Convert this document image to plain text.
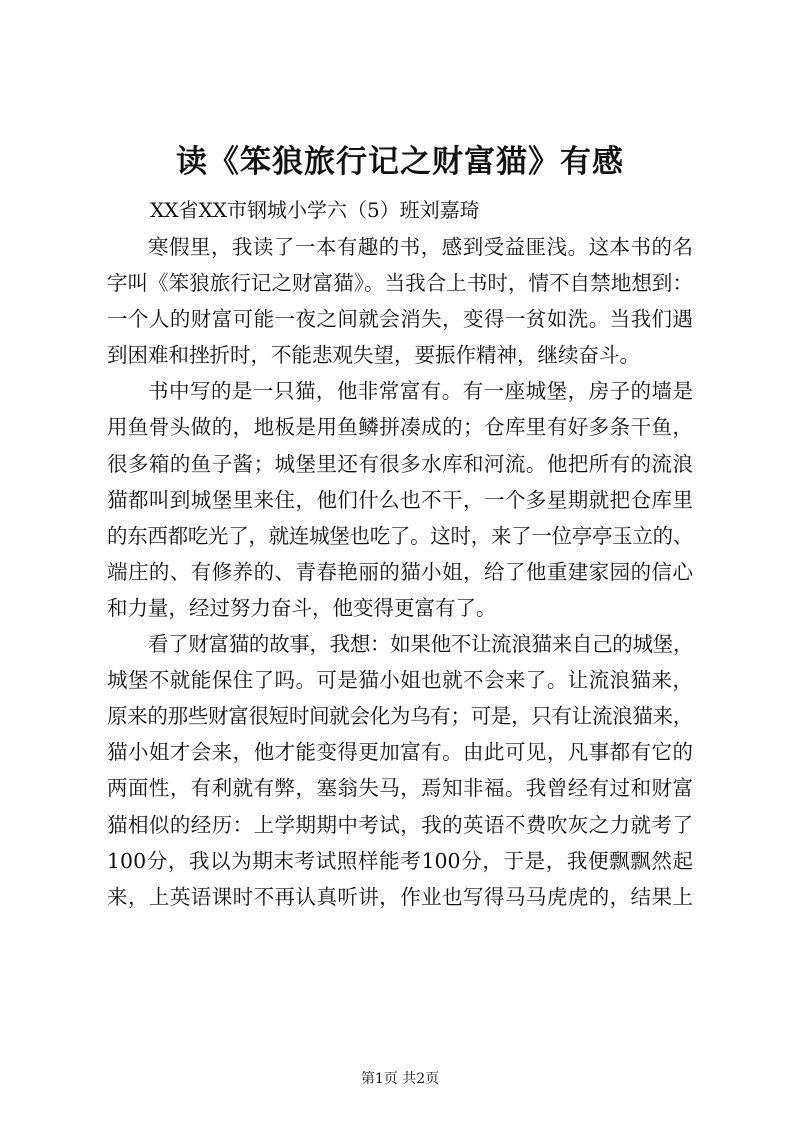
读《笨狼旅行记之财富猫》有感

XX省XX市钢城小学六（5）班刘嘉琦

寒假里，我读了一本有趣的书，感到受益匪浅。这本书的名
字叫《笨狼旅行记之财富猫》。当我合上书时，情不自禁地想到：
一个人的财富可能一夜之间就会消失，变得一贫如洗。当我们遇
到困难和挫折时，不能悲观失望，要振作精神，继续奋斗。

书中写的是一只猫，他非常富有。有一座城堡，房子的墙是
用鱼骨头做的，地板是用鱼鳞拼凑成的；仓库里有好多条干鱼，
很多箱的鱼子酱；城堡里还有很多水库和河流。他把所有的流浪
猫都叫到城堡里来住，他们什么也不干，一个多星期就把仓库里
的东西都吃光了，就连城堡也吃了。这时，来了一位亭亭玉立的、
端庄的、有修养的、青春艳丽的猫小姐，给了他重建家园的信心
和力量，经过努力奋斗，他变得更富有了。

看了财富猫的故事，我想：如果他不让流浪猫来自己的城堡，
城堡不就能保住了吗。可是猫小姐也就不会来了。让流浪猫来，
原来的那些财富很短时间就会化为乌有；可是，只有让流浪猫来，
猫小姐才会来，他才能变得更加富有。由此可见，凡事都有它的
两面性，有利就有弊，塞翁失马，焉知非福。我曾经有过和财富
猫相似的经历：上学期期中考试，我的英语不费吹灰之力就考了
100分，我以为期末考试照样能考100分，于是，我便飘飘然起
来，上英语课时不再认真听讲，作业也写得马马虎虎的，结果上

第1页 共2页
